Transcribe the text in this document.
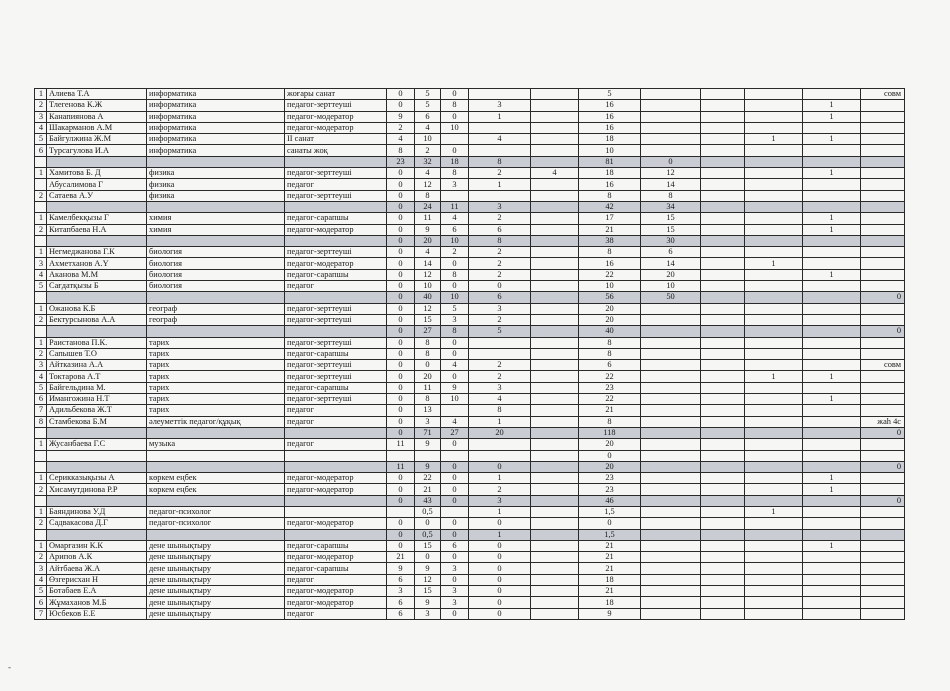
1	Алиева Т.А	информатика	жоғары санат	0	5	0			5					совм
2	Тлегенова К.Ж	информатика	педагог-зерттеуші	0	5	8	3		16				1	
3	Канапиянова А	информатика	педагог-модератор	9	6	0	1		16				1	
4	Шакарманов А.М	информатика	педагог-модератор	2	4	10			16					
5	Байгулжина Ж.М	информатика	II санат	4	10		4		18			1	1	
6	Турсагулова И.А	информатика	санаты жоқ	8	2	0			10					
				23	32	18	8		81	0				
1	Хамитова Б. Д	физика	педагог-зерттеуші	0	4	8	2	4	18	12			1	
	Абусалимова Г	физика	педагог	0	12	3	1		16	14				
2	Сатаева А.У	физика	педагог-зерттеуші	0	8				8	8				
				0	24	11	3		42	34				
1	Камелбекқызы Г	химия	педагог-сарапшы	0	11	4	2		17	15			1	
2	Китапбаева Н.А	химия	педагог-модератор	0	9	6	6		21	15			1	
				0	20	10	8		38	30				
1	Негмеджанова Г.К	биология	педагог-зерттеуші	0	4	2	2		8	6				
3	Ахметханов А.Ү	биология	педагог-модератор	0	14	0	2		16	14		1		
4	Аканова М.М	биология	педагог-сарапшы	0	12	8	2		22	20			1	
5	Сағдатқызы Б	биология	педагог	0	10	0	0		10	10				
				0	40	10	6		56	50				0
1	Ожанова К.Б	географ	педагог-зерттеуші	0	12	5	3		20					
2	Бектурсынова А.А	географ	педагог-зерттеуші	0	15	3	2		20					
				0	27	8	5		40					0
1	Раистанова П.К.	тарих	педагог-зерттеуші	0	8	0			8					
2	Сапышев Т.О	тарих	педагог-сарапшы	0	8	0			8					
3	Айтказина А.А	тарих	педагог-зерттеуші	0	0	4	2		6					совм
4	Токтарова А.Т	тарих	педагог-зерттеуші	0	20	0	2		22			1	1	
5	Байгельдина М.	тарих	педагог-сарапшы	0	11	9	3		23					
6	Имангожина Н.Т	тарих	педагог-зерттеуші	0	8	10	4		22				1	
7	Адильбекова Ж.Т	тарих	педагог	0	13		8		21					
8	Стамбекова Б.М	әлеуметтік педагог/құқық	педагог	0	3	4	1		8					жаһ 4с
				0	71	27	20		118					0
1	Жусанбаева Г.С	музыка	педагог	11	9	0			20					
									0					
				11	9	0	0		20					0
1	Серикказықызы А	көркем еңбек	педагог-модератор	0	22	0	1		23				1	
2	Хисамутдинова Р.Р	көркем еңбек	педагог-модератор	0	21	0	2		23				1	
				0	43	0	3		46					0
1	Баяндинова У.Д	педагог-психолог			0,5		1		1,5			1		
2	Садвакасова Д.Г	педагог-психолог	педагог-модератор	0	0	0	0		0					
				0	0,5	0	1		1,5					
1	Омарғазин К.К	дене шынықтыру	педагог-сарапшы	0	15	6	0		21				1	
2	Арипов А.К	дене шынықтыру	педагог-модератор	21	0	0	0		21					
3	Айтбаева Ж.А	дене шынықтыру	педагог-сарапшы	9	9	3	0		21					
4	Өзгерисхан Н	дене шынықтыру	педагог	6	12	0	0		18					
5	Ботабаев Е.А	дене шынықтыру	педагог-модератор	3	15	3	0		21					
6	Жұмаханов М.Б	дене шынықтыру	педагог-модератор	6	9	3	0		18					
7	Юсбеков Е.Е	дене шынықтыру	педагог	6	3	0	0		9					
-
